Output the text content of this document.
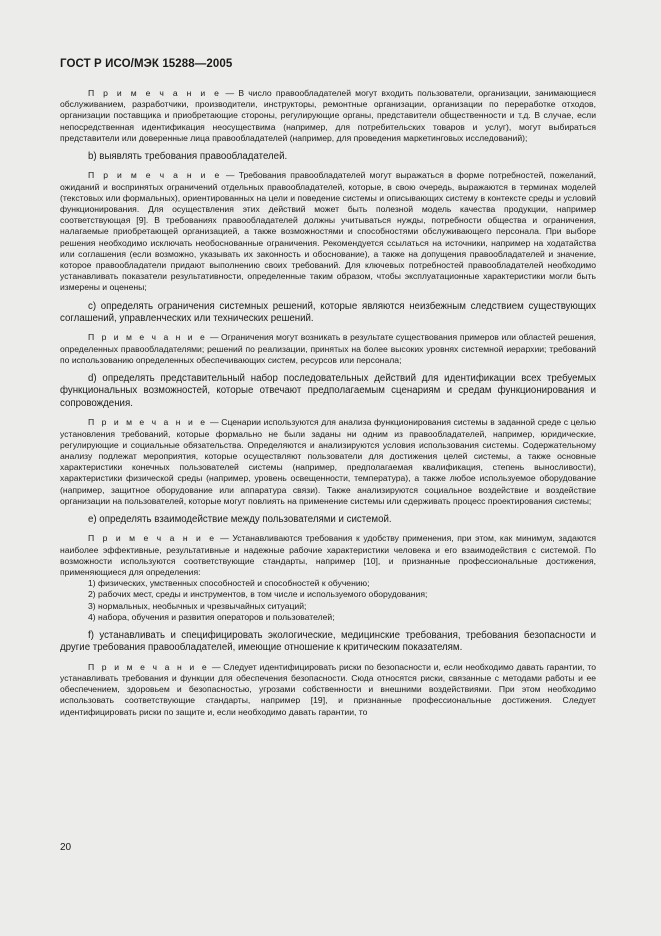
ГОСТ Р ИСО/МЭК 15288—2005

П р и м е ч а н и е — В число правообладателей могут входить пользователи, организации, занимающиеся обслуживанием, разработчики, производители, инструкторы, ремонтные организации, организации по переработке отходов, организации поставщика и приобретающие стороны, регулирующие органы, представители общественности и т.д. В случае, если непосредственная идентификация неосуществима (например, для потребительских товаров и услуг), могут выбираться представители или доверенные лица правообладателей (например, для проведения маркетинговых исследований);

b) выявлять требования правообладателей.

П р и м е ч а н и е — Требования правообладателей могут выражаться в форме потребностей, пожеланий, ожиданий и воспринятых ограничений отдельных правообладателей, которые, в свою очередь, выражаются в терминах моделей (текстовых или формальных), ориентированных на цели и поведение системы и описывающих систему в контексте среды и условий функционирования. Для осуществления этих действий может быть полезной модель качества продукции, например соответствующая [9]. В требованиях правообладателей должны учитываться нужды, потребности общества и ограничения, налагаемые приобретающей организацией, а также возможностями и способностями обслуживающего персонала. При выборе решения необходимо исключать необоснованные ограничения. Рекомендуется ссылаться на источники, например на ходатайства или соглашения (если возможно, указывать их законность и обоснование), а также на допущения правообладателей и значение, которое правообладатели придают выполнению своих требований. Для ключевых потребностей правообладателей необходимо устанавливать показатели результативности, определенные таким образом, чтобы эксплуатационные характеристики могли быть измерены и оценены;

c) определять ограничения системных решений, которые являются неизбежным следствием существующих соглашений, управленческих или технических решений.

П р и м е ч а н и е — Ограничения могут возникать в результате существования примеров или областей решения, определенных правообладателями; решений по реализации, принятых на более высоких уровнях системной иерархии; требований по использованию определенных обеспечивающих систем, ресурсов или персонала;

d) определять представительный набор последовательных действий для идентификации всех требуемых функциональных возможностей, которые отвечают предполагаемым сценариям и средам функционирования и сопровождения.

П р и м е ч а н и е — Сценарии используются для анализа функционирования системы в заданной среде с целью установления требований, которые формально не были заданы ни одним из правообладателей, например, юридические, регулирующие и социальные обязательства. Определяются и анализируются условия использования системы. Содержательному анализу подлежат мероприятия, которые осуществляют пользователи для достижения целей системы, а также основные характеристики конечных пользователей системы (например, предполагаемая квалификация, степень выносливости), характеристики физической среды (например, уровень освещенности, температура), а также любое используемое оборудование (например, защитное оборудование или аппаратура связи). Также анализируются социальное воздействие и воздействие организации на пользователей, которые могут повлиять на применение системы или сдерживать процесс проектирования системы;

e) определять взаимодействие между пользователями и системой.

П р и м е ч а н и е — Устанавливаются требования к удобству применения, при этом, как минимум, задаются наиболее эффективные, результативные и надежные рабочие характеристики человека и его взаимодействия с системой. По возможности используются соответствующие стандарты, например [10], и признанные профессиональные достижения, применяющиеся для определения:

1) физических, умственных способностей и способностей к обучению;

2) рабочих мест, среды и инструментов, в том числе и используемого оборудования;

3) нормальных, необычных и чрезвычайных ситуаций;

4) набора, обучения и развития операторов и пользователей;

f) устанавливать и специфицировать экологические, медицинские требования, требования безопасности и другие требования правообладателей, имеющие отношение к критическим показателям.

П р и м е ч а н и е — Следует идентифицировать риски по безопасности и, если необходимо давать гарантии, то устанавливать требования и функции для обеспечения безопасности. Сюда относятся риски, связанные с методами работы и ее обеспечением, здоровьем и безопасностью, угрозами собственности и внешними воздействиями. При этом необходимо использовать соответствующие стандарты, например [19], и признанные профессиональные достижения. Следует идентифицировать риски по защите и, если необходимо давать гарантии, то

20
